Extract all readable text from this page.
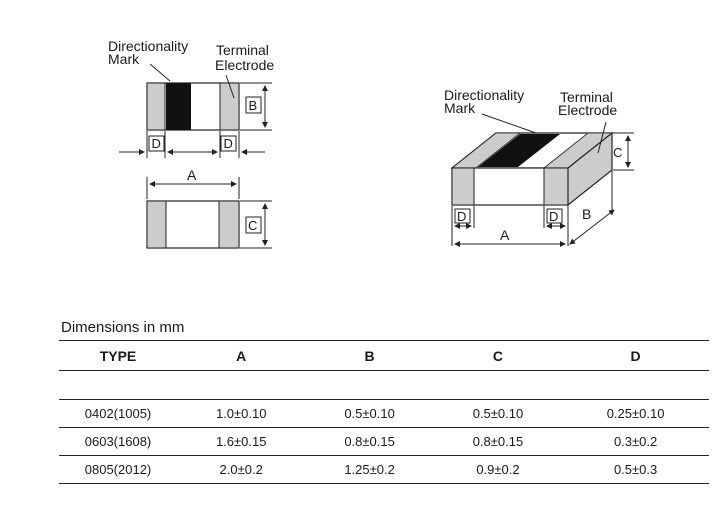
Directionality
Mark
Terminal
Electrode
B
D	D
A
C
Directionality
Mark
Terminal
Electrode
C
D	D
A
B
Dimensions in mm
TYPE	A	B	C	D

0402(1005)	1.0±0.10	0.5±0.10	0.5±0.10	0.25±0.10
0603(1608)	1.6±0.15	0.8±0.15	0.8±0.15	0.3±0.2
0805(2012)	2.0±0.2	1.25±0.2	0.9±0.2	0.5±0.3
